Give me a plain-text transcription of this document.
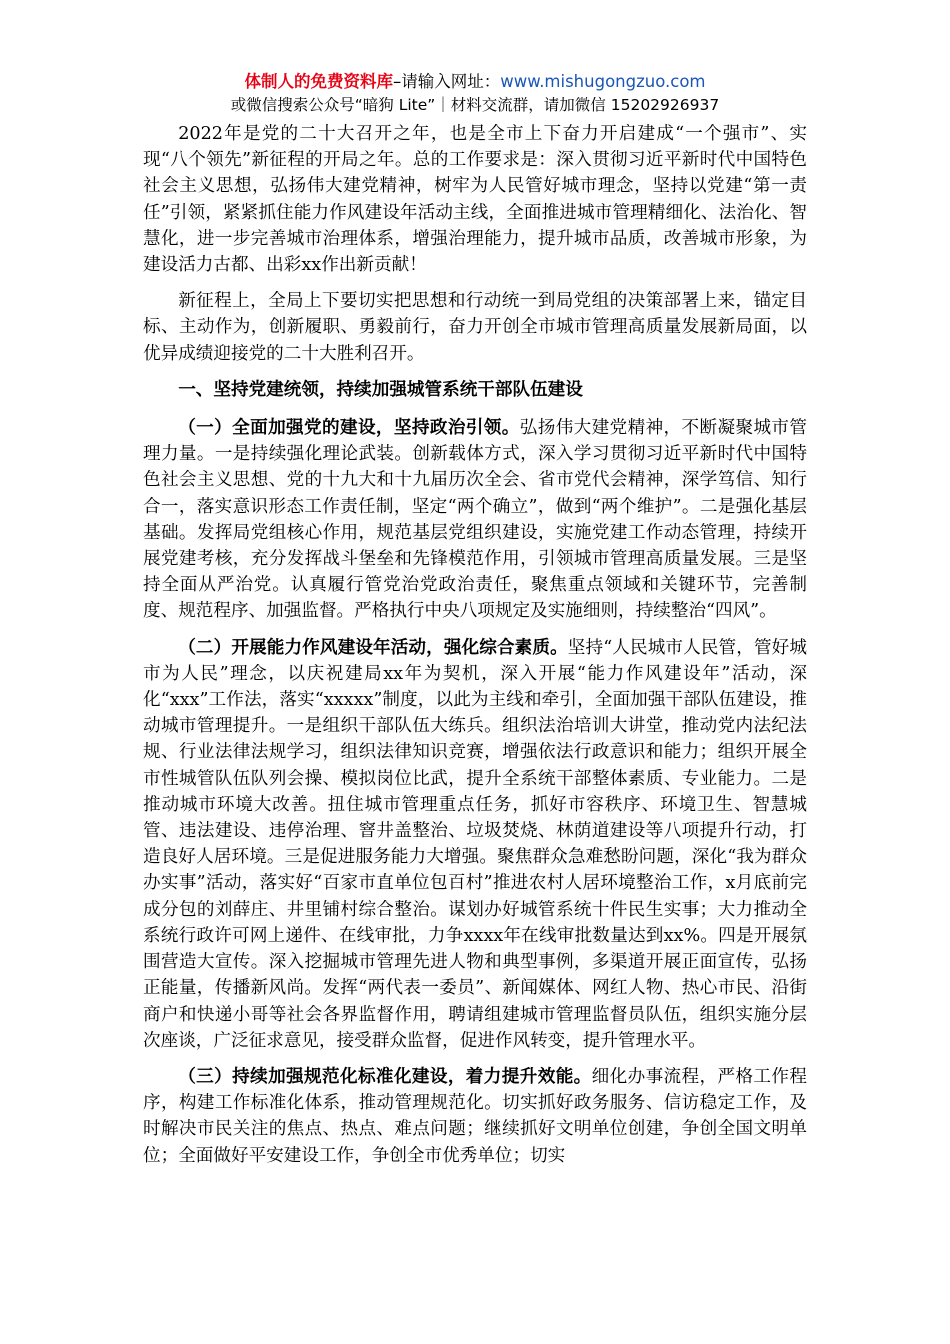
体制人的免费资料库–请输入网址：www.mishugongzuo.com
或微信搜索公众号“暗狗 Lite”｜材料交流群，请加微信 15202926937

2022年是党的二十大召开之年，也是全市上下奋力开启建成“一个强市”、实现“八个领先”新征程的开局之年。总的工作要求是：深入贯彻习近平新时代中国特色社会主义思想，弘扬伟大建党精神，树牢为人民管好城市理念，坚持以党建“第一责任”引领，紧紧抓住能力作风建设年活动主线，全面推进城市管理精细化、法治化、智慧化，进一步完善城市治理体系，增强治理能力，提升城市品质，改善城市形象，为建设活力古都、出彩xx作出新贡献！

新征程上，全局上下要切实把思想和行动统一到局党组的决策部署上来，锚定目标、主动作为，创新履职、勇毅前行，奋力开创全市城市管理高质量发展新局面，以优异成绩迎接党的二十大胜利召开。

一、坚持党建统领，持续加强城管系统干部队伍建设

（一）全面加强党的建设，坚持政治引领。弘扬伟大建党精神，不断凝聚城市管理力量。一是持续强化理论武装。创新载体方式，深入学习贯彻习近平新时代中国特色社会主义思想、党的十九大和十九届历次全会、省市党代会精神，深学笃信、知行合一，落实意识形态工作责任制，坚定“两个确立”，做到“两个维护”。二是强化基层基础。发挥局党组核心作用，规范基层党组织建设，实施党建工作动态管理，持续开展党建考核，充分发挥战斗堡垒和先锋模范作用，引领城市管理高质量发展。三是坚持全面从严治党。认真履行管党治党政治责任，聚焦重点领域和关键环节，完善制度、规范程序、加强监督。严格执行中央八项规定及实施细则，持续整治“四风”。

（二）开展能力作风建设年活动，强化综合素质。坚持“人民城市人民管，管好城市为人民”理念，以庆祝建局xx年为契机，深入开展“能力作风建设年”活动，深化“xxx”工作法，落实“xxxxx”制度，以此为主线和牵引，全面加强干部队伍建设，推动城市管理提升。一是组织干部队伍大练兵。组织法治培训大讲堂，推动党内法纪法规、行业法律法规学习，组织法律知识竞赛，增强依法行政意识和能力；组织开展全市性城管队伍队列会操、模拟岗位比武，提升全系统干部整体素质、专业能力。二是推动城市环境大改善。扭住城市管理重点任务，抓好市容秩序、环境卫生、智慧城管、违法建设、违停治理、窨井盖整治、垃圾焚烧、林荫道建设等八项提升行动，打造良好人居环境。三是促进服务能力大增强。聚焦群众急难愁盼问题，深化“我为群众办实事”活动，落实好“百家市直单位包百村”推进农村人居环境整治工作，x月底前完成分包的刘薛庄、井里铺村综合整治。谋划办好城管系统十件民生实事；大力推动全系统行政许可网上递件、在线审批，力争xxxx年在线审批数量达到xx%。四是开展氛围营造大宣传。深入挖掘城市管理先进人物和典型事例，多渠道开展正面宣传，弘扬正能量，传播新风尚。发挥“两代表一委员”、新闻媒体、网红人物、热心市民、沿街商户和快递小哥等社会各界监督作用，聘请组建城市管理监督员队伍，组织实施分层次座谈，广泛征求意见，接受群众监督，促进作风转变，提升管理水平。

（三）持续加强规范化标准化建设，着力提升效能。细化办事流程，严格工作程序，构建工作标准化体系，推动管理规范化。切实抓好政务服务、信访稳定工作，及时解决市民关注的焦点、热点、难点问题；继续抓好文明单位创建，争创全国文明单位；全面做好平安建设工作，争创全市优秀单位；切实
